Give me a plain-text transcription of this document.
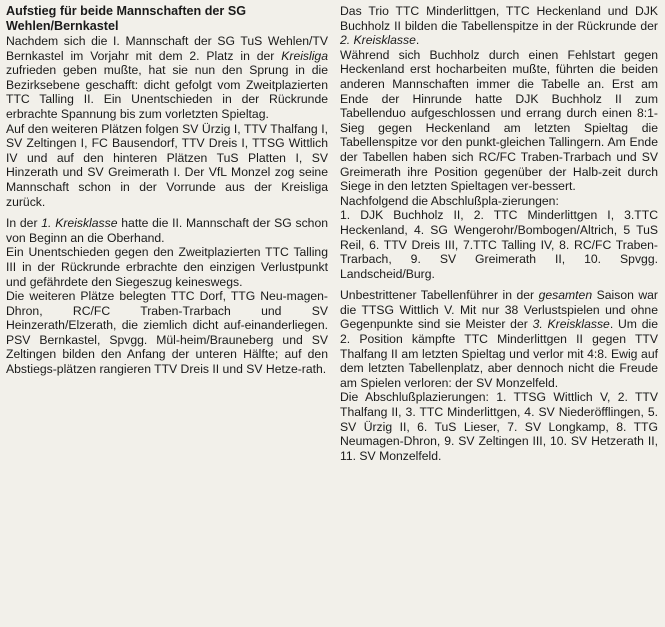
Aufstieg für beide Mannschaften der SG Wehlen/Bernkastel

Nachdem sich die I. Mannschaft der SG TuS Wehlen/TV Bernkastel im Vorjahr mit dem 2. Platz in der Kreisliga zufrieden geben mußte, hat sie nun den Sprung in die Bezirksebene geschafft: dicht gefolgt vom Zweitplazierten TTC Talling II. Ein Unentschieden in der Rückrunde erbrachte Spannung bis zum vorletzten Spieltag.

Auf den weiteren Plätzen folgen SV Ürzig I, TTV Thalfang I, SV Zeltingen I, FC Bausendorf, TTV Dreis I, TTSG Wittlich IV und auf den hinteren Plätzen TuS Platten I, SV Hinzerath und SV Greimerath I. Der VfL Monzel zog seine Mannschaft schon in der Vorrunde aus der Kreisliga zurück.

In der 1. Kreisklasse hatte die II. Mannschaft der SG schon von Beginn an die Oberhand.

Ein Unentschieden gegen den Zweitplazierten TTC Talling III in der Rückrunde erbrachte den einzigen Verlustpunkt und gefährdete den Siegeszug keineswegs.

Die weiteren Plätze belegten TTC Dorf, TTG Neu-magen-Dhron, RC/FC Traben-Trarbach und SV Heinzerath/Elzerath, die ziemlich dicht auf-einanderliegen. PSV Bernkastel, Spvgg. Mül-heim/Brauneberg und SV Zeltingen bilden den Anfang der unteren Hälfte; auf den Abstiegs-plätzen rangieren TTV Dreis II und SV Hetze-rath.

Das Trio TTC Minderlittgen, TTC Heckenland und DJK Buchholz II bilden die Tabellenspitze in der Rückrunde der 2. Kreisklasse.

Während sich Buchholz durch einen Fehlstart gegen Heckenland erst hocharbeiten mußte, führten die beiden anderen Mannschaften immer die Tabelle an. Erst am Ende der Hinrunde hatte DJK Buchholz II zum Tabellenduo aufgeschlossen und errang durch einen 8:1-Sieg gegen Heckenland am letzten Spieltag die Tabellenspitze vor den punkt-gleichen Tallingern. Am Ende der Tabellen haben sich RC/FC Traben-Trarbach und SV Greimerath ihre Position gegenüber der Halb-zeit durch Siege in den letzten Spieltagen ver-bessert.

Nachfolgend die Abschlußpla-zierungen:

1. DJK Buchholz II, 2. TTC Minderlittgen I, 3.TTC Heckenland, 4. SG Wengerohr/Bombogen/Altrich, 5 TuS Reil, 6. TTV Dreis III, 7.TTC Talling IV, 8. RC/FC Traben-Trarbach, 9. SV Greimerath II, 10. Spvgg. Landscheid/Burg.

Unbestrittener Tabellenführer in der gesamten Saison war die TTSG Wittlich V. Mit nur 38 Verlustspielen und ohne Gegenpunkte sind sie Meister der 3. Kreisklasse. Um die 2. Position kämpfte TTC Minderlittgen II gegen TTV Thalfang II am letzten Spieltag und verlor mit 4:8. Ewig auf dem letzten Tabellenplatz, aber dennoch nicht die Freude am Spielen verloren: der SV Monzelfeld.

Die Abschlußplazierungen: 1. TTSG Wittlich V, 2. TTV Thalfang II, 3. TTC Minderlittgen, 4. SV Niederöfflingen, 5. SV Ürzig II, 6. TuS Lieser, 7. SV Longkamp, 8. TTG Neumagen-Dhron, 9. SV Zeltingen III, 10. SV Hetzerath II, 11. SV Monzelfeld.
